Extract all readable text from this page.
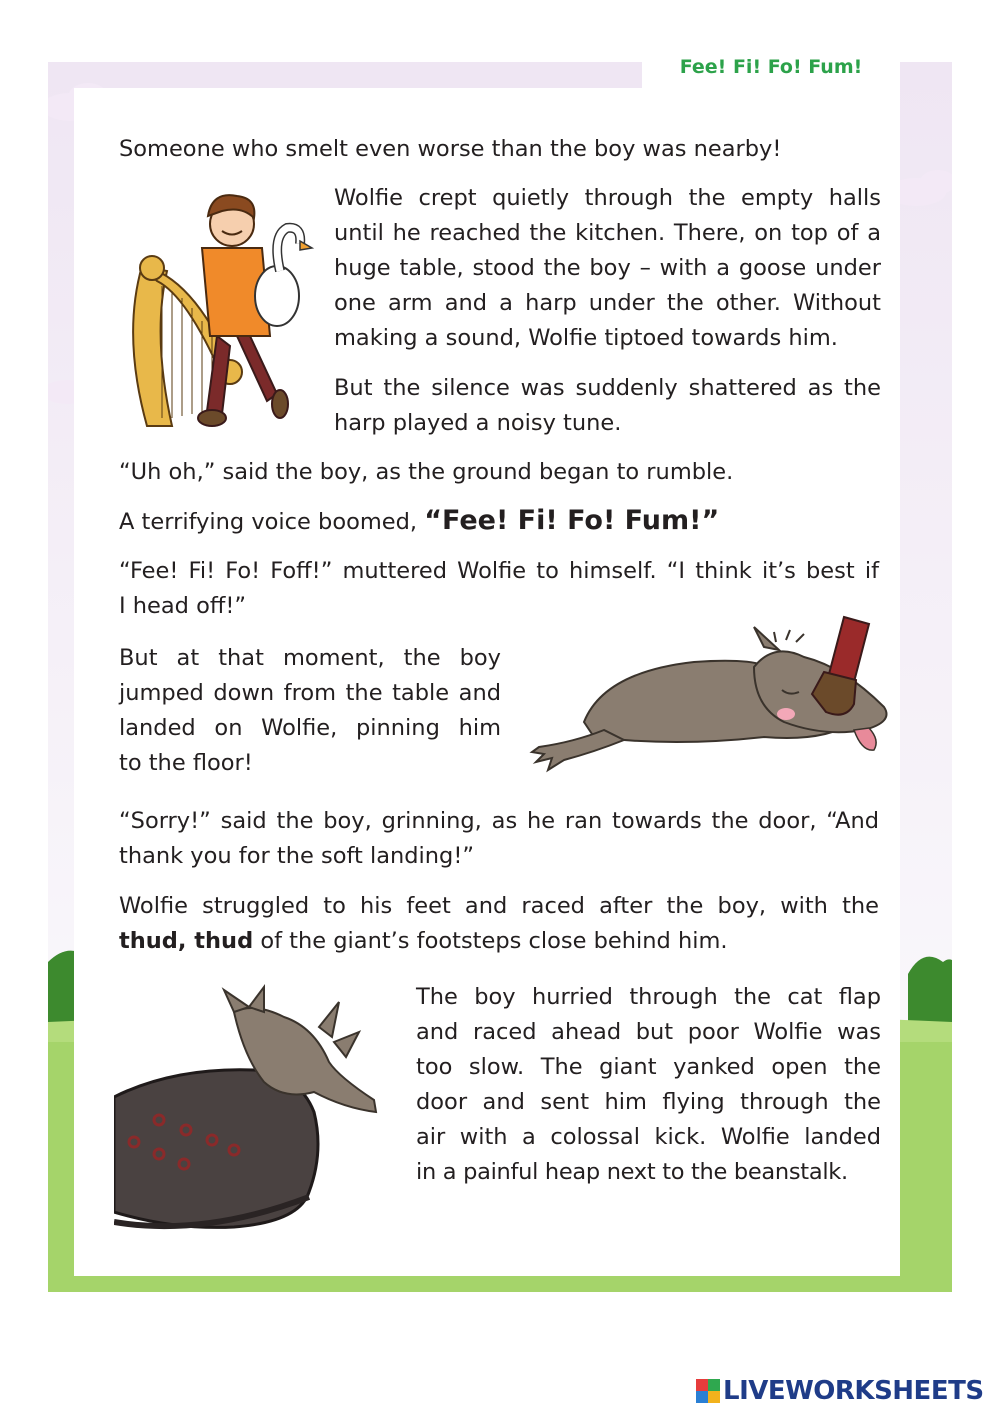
Fee! Fi! Fo! Fum!
Someone who smelt even worse than the boy was nearby!
Wolfie crept quietly through the empty halls
until he reached the kitchen. There, on top of a
huge table, stood the boy – with a goose under
one arm and a harp under the other. Without
making a sound, Wolfie tiptoed towards him.
But the silence was suddenly shattered as the
harp played a noisy tune.
“Uh oh,” said the boy, as the ground began to rumble.
A terrifying voice boomed, “Fee! Fi! Fo! Fum!”
“Fee! Fi! Fo! Foff!” muttered Wolfie to himself. “I think it’s best if
I head off!”
But at that moment, the boy
jumped down from the table and
landed on Wolfie, pinning him
to the floor!
“Sorry!” said the boy, grinning, as he ran towards the door, “And
thank you for the soft landing!”
Wolfie struggled to his feet and raced after the boy, with the
thud, thud of the giant’s footsteps close behind him.
The boy hurried through the cat flap
and raced ahead but poor Wolfie was
too slow. The giant yanked open the
door and sent him flying through the
air with a colossal kick. Wolfie landed
in a painful heap next to the beanstalk.
LIVEWORKSHEETS
